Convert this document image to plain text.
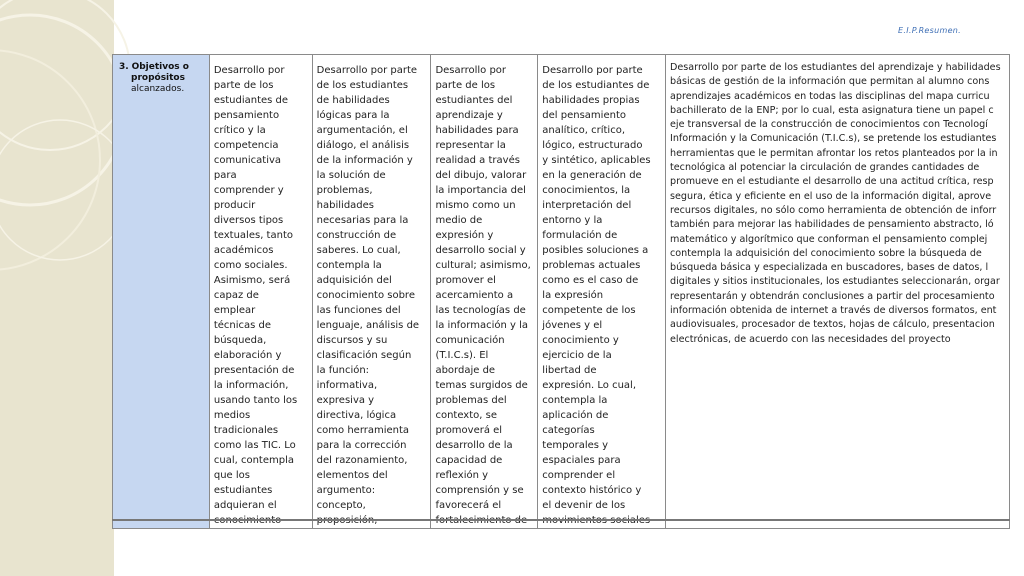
E.I.P.Resumen.
3. Objetivos o
propósitos
alcanzados.

Desarrollo por
parte de los
estudiantes de
pensamiento
crítico y la
competencia
comunicativa
para
comprender y
producir
diversos tipos
textuales, tanto
académicos
como sociales.
Asimismo, será
capaz de
emplear
técnicas de
búsqueda,
elaboración y
presentación de
la información,
usando tanto los
medios
tradicionales
como las TIC. Lo
cual, contempla
que los
estudiantes
adquieran el

Desarrollo por parte
de los estudiantes
de habilidades
lógicas para la
argumentación, el
diálogo, el análisis
de la información y
la solución de
problemas,
habilidades
necesarias para la
construcción de
saberes. Lo cual,
contempla la
adquisición del
conocimiento sobre
las funciones del
lenguaje, análisis de
discursos y su
clasificación según
la función:
informativa,
expresiva y
directiva, lógica
como herramienta
para la corrección
del razonamiento,
elementos del
argumento:
concepto,

Desarrollo por
parte de los
estudiantes del
aprendizaje y
habilidades para
representar la
realidad a través
del dibujo, valorar
la importancia del
mismo como un
medio de
expresión y
desarrollo social y
cultural; asimismo,
promover el
acercamiento a
las tecnologías de
la información y la
comunicación
(T.I.C.s). El
abordaje de
temas surgidos de
problemas del
contexto, se
promoverá el
desarrollo de la
capacidad de
reflexión y
comprensión y se
favorecerá el

Desarrollo por parte
de los estudiantes de
habilidades propias
del pensamiento
analítico, crítico,
lógico, estructurado
y sintético, aplicables
en la generación de
conocimientos, la
interpretación del
entorno y la
formulación de
posibles soluciones a
problemas actuales
como es el caso de
la expresión
competente de los
jóvenes y el
conocimiento y
ejercicio de la
libertad de
expresión. Lo cual,
contempla la
aplicación de
categorías
temporales y
espaciales para
comprender el
contexto histórico y
el devenir de los

Desarrollo por parte de los estudiantes del aprendizaje y habilidades
básicas de gestión de la información que permitan al alumno cons
aprendizajes académicos en todas las disciplinas del mapa curricu
bachillerato de la ENP; por lo cual, esta asignatura tiene un papel c
eje transversal de la construcción de conocimientos con Tecnologí
Información y la Comunicación (T.I.C.s), se pretende los estudiantes
herramientas que le permitan afrontar los retos planteados por la in
tecnológica al potenciar la circulación de grandes cantidades de
promueve en el estudiante el desarrollo de una actitud crítica, resp
segura, ética y eficiente en el uso de la información digital, aprove
recursos digitales, no sólo como herramienta de obtención de inforr
también para mejorar las habilidades de pensamiento abstracto, ló
matemático y algorítmico que conforman el pensamiento complej
contempla la adquisición del conocimiento sobre la búsqueda de
búsqueda básica y especializada en buscadores, bases de datos, l
digitales y sitios institucionales, los estudiantes seleccionarán, orgar
representarán y obtendrán conclusiones a partir del procesamiento
información obtenida de internet a través de diversos formatos, ent
audiovisuales, procesador de textos, hojas de cálculo, presentacion
electrónicas, de acuerdo con las necesidades del proyecto
